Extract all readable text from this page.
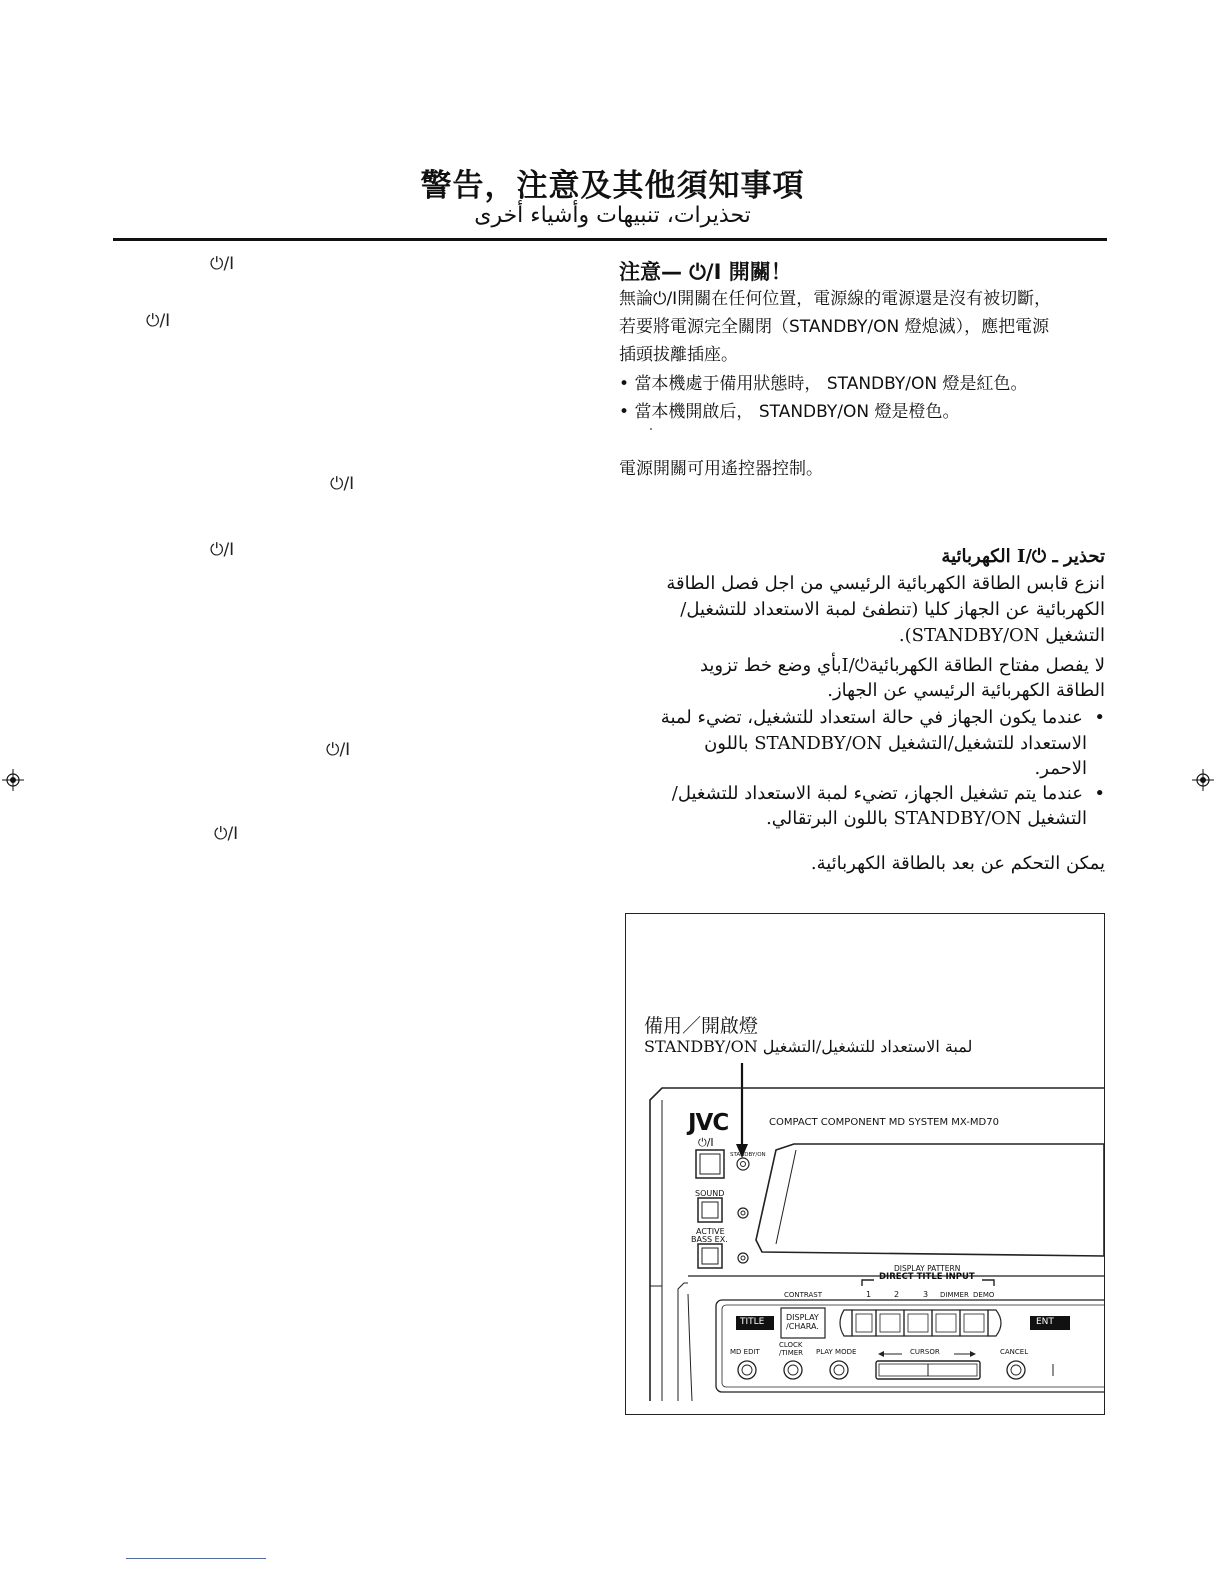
警告，注意及其他須知事項
تحذيرات، تنبيهات وأشياء أخرى
⏻/I
⏻/I
⏻/I
⏻/I
⏻/I
⏻/I
注意— ⏻/I 開關！
無論⏻/I開關在任何位置，電源線的電源還是沒有被切斷，
若要將電源完全關閉（STANDBY/ON 燈熄滅），應把電源
插頭拔離插座。
• 當本機處于備用狀態時， STANDBY/ON 燈是紅色。
• 當本機開啟后， STANDBY/ON 燈是橙色。
電源開關可用遙控器控制。
تحذير ـ ⏻/I الكهربائية
انزع قابس الطاقة الكهربائية الرئيسي من اجل فصل الطاقة
الكهربائية عن الجهاز كليا (تنطفئ لمبة الاستعداد للتشغيل/
التشغيل STANDBY/ON).
لا يفصل مفتاح الطاقة الكهربائية⏻/Iبأي وضع خط تزويد
الطاقة الكهربائية الرئيسي عن الجهاز.
•  عندما يكون الجهاز في حالة استعداد للتشغيل، تضيء لمبة
الاستعداد للتشغيل/التشغيل STANDBY/ON باللون
الاحمر.
•  عندما يتم تشغيل الجهاز، تضيء لمبة الاستعداد للتشغيل/
التشغيل STANDBY/ON باللون البرتقالي.
يمكن التحكم عن بعد بالطاقة الكهربائية.
備用／開啟燈
لمبة الاستعداد للتشغيل/التشغيل STANDBY/ON
JVC	COMPACT COMPONENT MD SYSTEM MX-MD70
⏻/I
STANDBY/ON
SOUND
ACTIVE
BASS EX.
DISPLAY PATTERN
DIRECT TITLE INPUT
CONTRAST	1	2	3 DIMMER DEMO
TITLE	DISPLAY
/CHARA.	ENT
MD EDIT
CLOCK
/TIMER PLAY MODE	CURSOR	CANCEL
